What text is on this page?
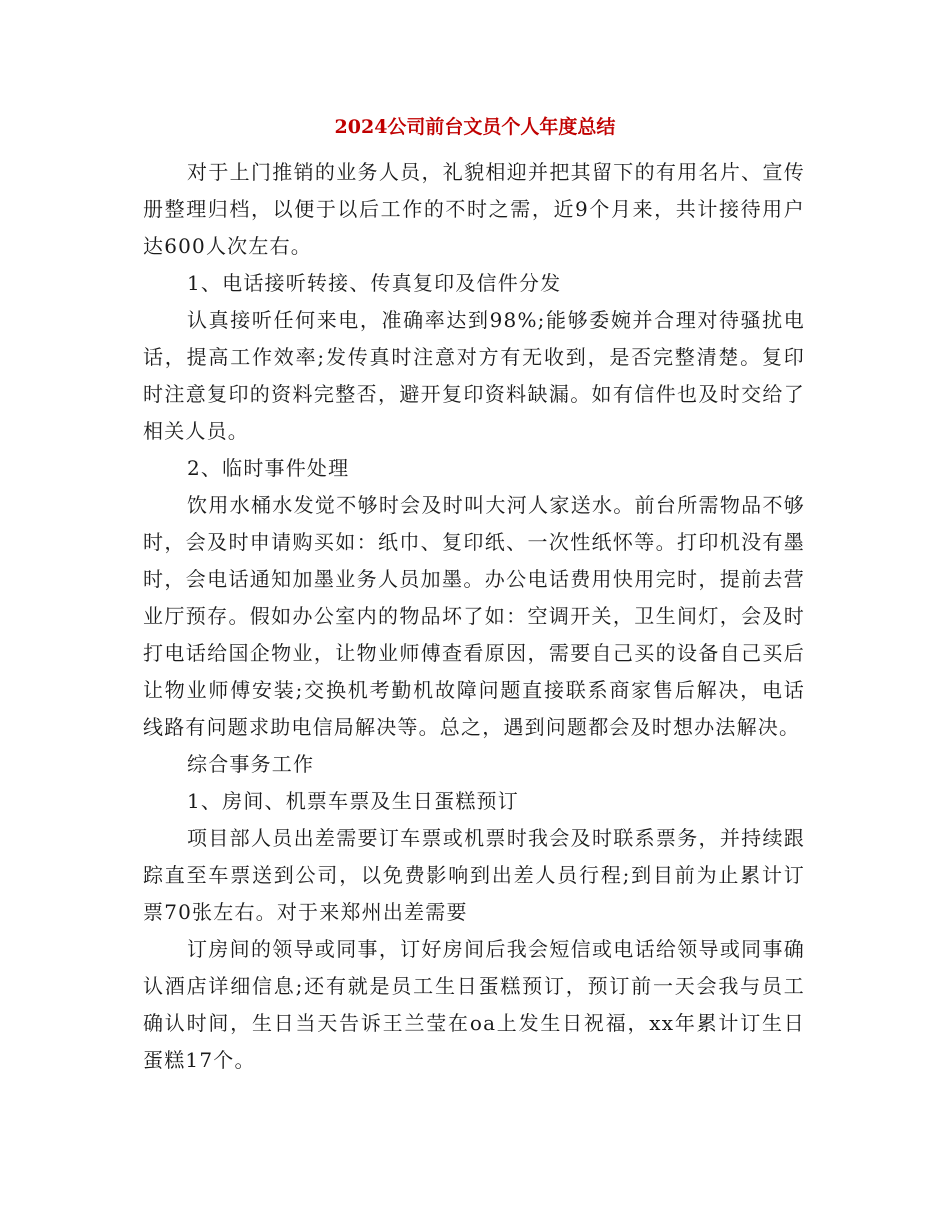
2024公司前台文员个人年度总结

对于上门推销的业务人员，礼貌相迎并把其留下的有用名片、宣传册整理归档，以便于以后工作的不时之需，近9个月来，共计接待用户达600人次左右。

1、电话接听转接、传真复印及信件分发

认真接听任何来电，准确率达到98%;能够委婉并合理对待骚扰电话，提高工作效率;发传真时注意对方有无收到，是否完整清楚。复印时注意复印的资料完整否，避开复印资料缺漏。如有信件也及时交给了相关人员。

2、临时事件处理

饮用水桶水发觉不够时会及时叫大河人家送水。前台所需物品不够时，会及时申请购买如：纸巾、复印纸、一次性纸怀等。打印机没有墨时，会电话通知加墨业务人员加墨。办公电话费用快用完时，提前去营业厅预存。假如办公室内的物品坏了如：空调开关，卫生间灯，会及时打电话给国企物业，让物业师傅查看原因，需要自己买的设备自己买后让物业师傅安装;交换机考勤机故障问题直接联系商家售后解决，电话线路有问题求助电信局解决等。总之，遇到问题都会及时想办法解决。

综合事务工作

1、房间、机票车票及生日蛋糕预订

项目部人员出差需要订车票或机票时我会及时联系票务，并持续跟踪直至车票送到公司，以免费影响到出差人员行程;到目前为止累计订票70张左右。对于来郑州出差需要

订房间的领导或同事，订好房间后我会短信或电话给领导或同事确认酒店详细信息;还有就是员工生日蛋糕预订，预订前一天会我与员工确认时间，生日当天告诉王兰莹在oa上发生日祝福，xx年累计订生日蛋糕17个。
